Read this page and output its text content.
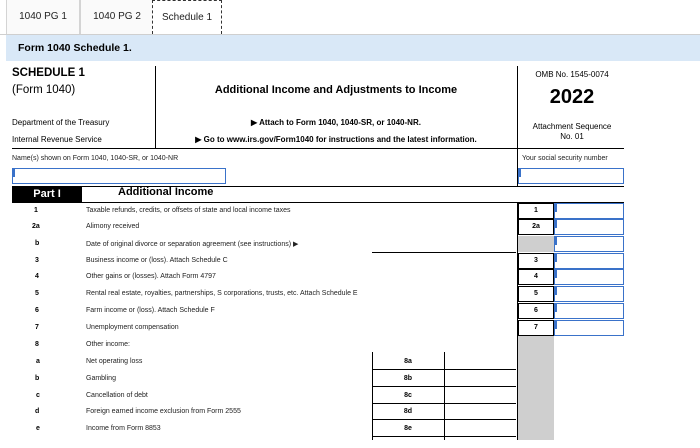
1040 PG 1	1040 PG 2	Schedule 1
Form 1040 Schedule 1.
SCHEDULE 1
(Form 1040)
Department of the Treasury
Internal Revenue Service
Additional Income and Adjustments to Income
▶ Attach to Form 1040, 1040-SR, or 1040-NR.
▶ Go to www.irs.gov/Form1040 for instructions and the latest information.
OMB No. 1545-0074
2022
Attachment Sequence
No. 01
Name(s) shown on Form 1040, 1040-SR, or 1040-NR	Your social security number
Part I	Additional Income
1	Taxable refunds, credits, or offsets of state and local income taxes	1
2a	Alimony received	2a
b	Date of original divorce or separation agreement (see instructions) ▶
3	Business income or (loss). Attach Schedule C	3
4	Other gains or (losses). Attach Form 4797	4
5	Rental real estate, royalties, partnerships, S corporations, trusts, etc. Attach Schedule E	5
6	Farm income or (loss). Attach Schedule F	6
7	Unemployment compensation	7
8	Other income:
a	Net operating loss	8a
b	Gambling	8b
c	Cancellation of debt	8c
d	Foreign earned income exclusion from Form 2555	8d
e	Income from Form 8853	8e
